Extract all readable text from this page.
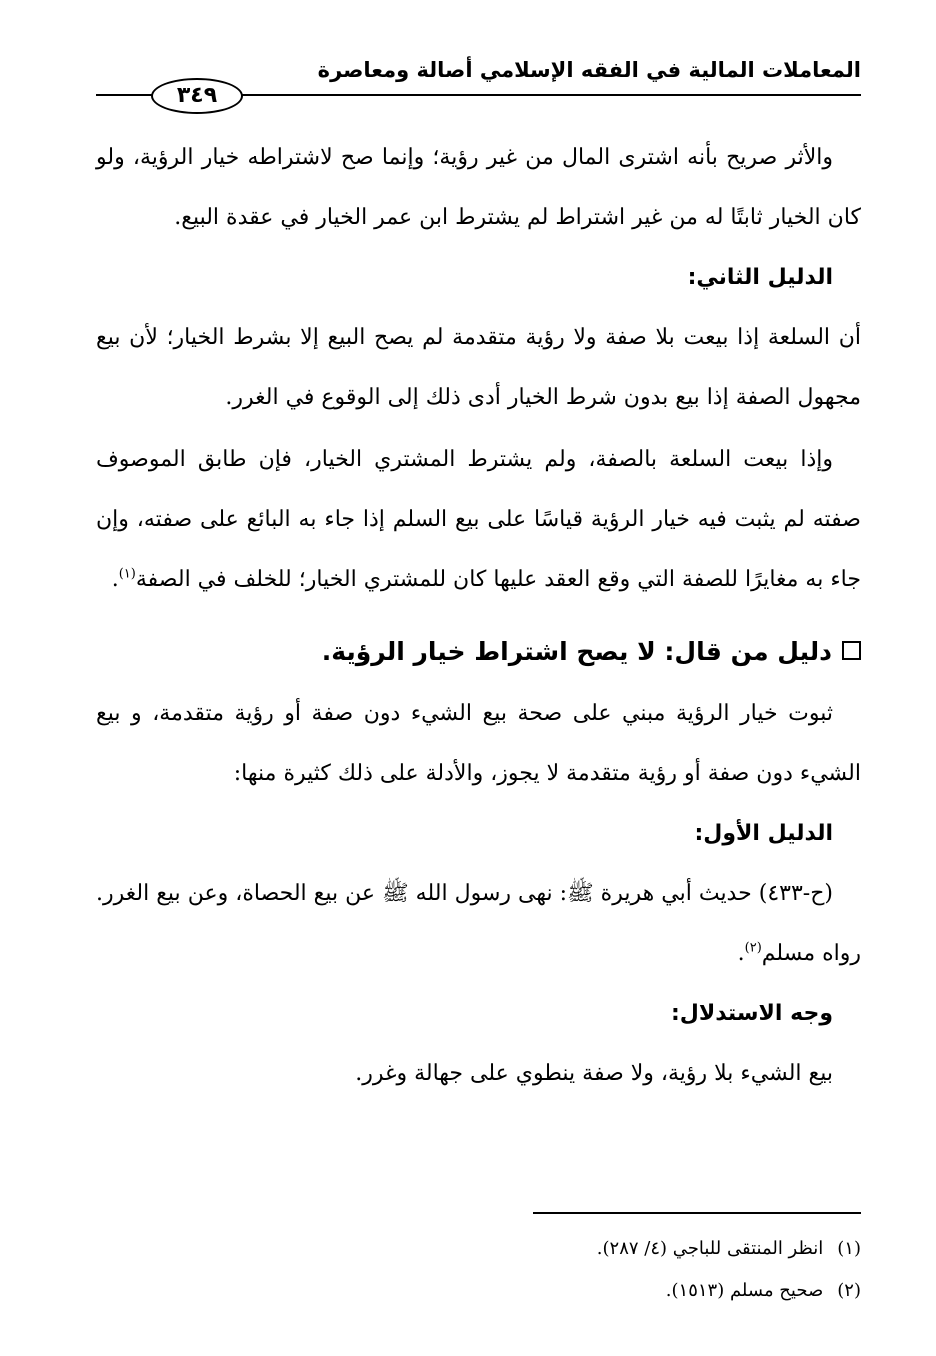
المعاملات المالية في الفقه الإسلامي أصالة ومعاصرة
٣٤٩

والأثر صريح بأنه اشترى المال من غير رؤية؛ وإنما صح لاشتراطه خيار الرؤية، ولو كان الخيار ثابتًا له من غير اشتراط لم يشترط ابن عمر الخيار في عقدة البيع.

الدليل الثاني:

أن السلعة إذا بيعت بلا صفة ولا رؤية متقدمة لم يصح البيع إلا بشرط الخيار؛ لأن بيع مجهول الصفة إذا بيع بدون شرط الخيار أدى ذلك إلى الوقوع في الغرر.

وإذا بيعت السلعة بالصفة، ولم يشترط المشتري الخيار، فإن طابق الموصوف صفته لم يثبت فيه خيار الرؤية قياسًا على بيع السلم إذا جاء به البائع على صفته، وإن جاء به مغايرًا للصفة التي وقع العقد عليها كان للمشتري الخيار؛ للخلف في الصفة$^{(١)}$.

دليل من قال: لا يصح اشتراط خيار الرؤية.

ثبوت خيار الرؤية مبني على صحة بيع الشيء دون صفة أو رؤية متقدمة، و بيع الشيء دون صفة أو رؤية متقدمة لا يجوز، والأدلة على ذلك كثيرة منها:

الدليل الأول:

(ح-٤٣٣) حديث أبي هريرة ﷺ: نهى رسول الله ﷺ عن بيع الحصاة، وعن بيع الغرر. رواه مسلم$^{(٢)}$.

وجه الاستدلال:

بيع الشيء بلا رؤية، ولا صفة ينطوي على جهالة وغرر.

(١)انظر المنتقى للباجي (٤/ ٢٨٧).

(٢)صحيح مسلم (١٥١٣).
